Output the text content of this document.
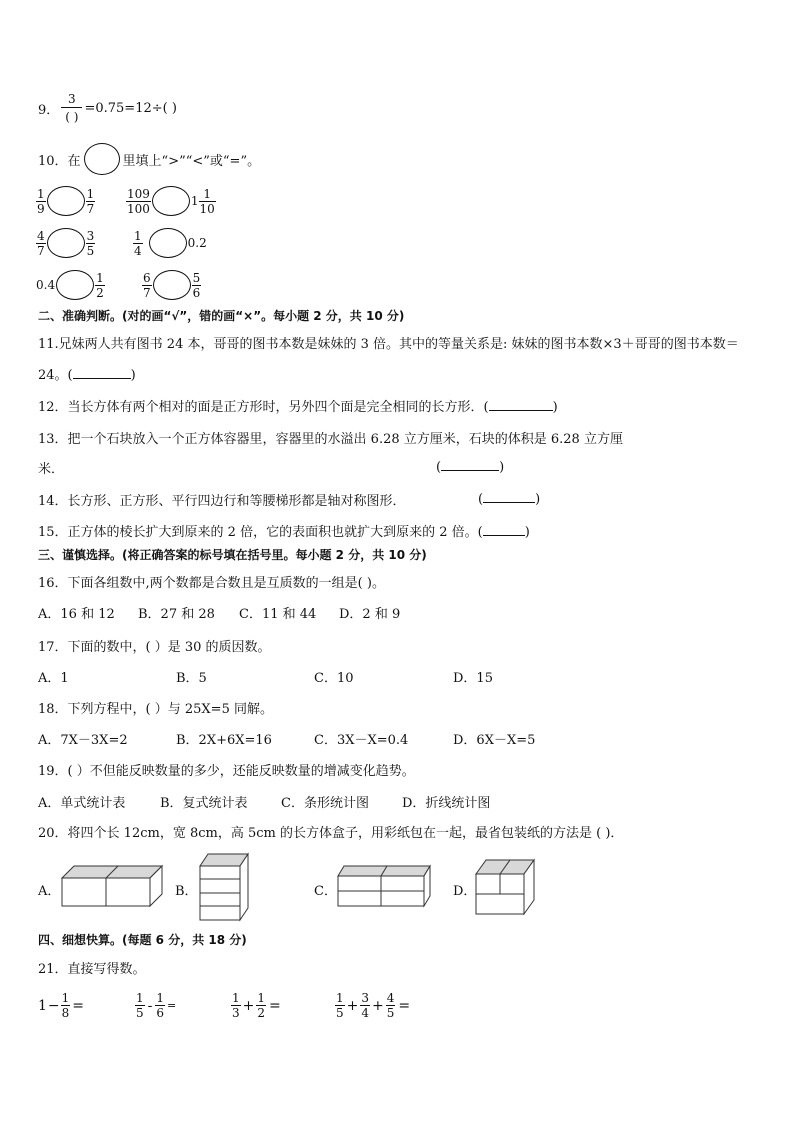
9． $\frac{3}{( )} =0.75=12\div$( )
10．在	里填上“>”“<”或“=”。
$\frac{1}{9}$	$\frac{1}{7}$	$\frac{109}{100}$	$1 \frac{1}{10}$
$\frac{4}{7}$	$\frac{3}{5}$	$\frac{1}{4}$	0.2
0.4	$\frac{1}{2}$	$\frac{6}{7}$	$\frac{5}{6}$
二、准确判断。(对的画“√”，错的画“×”。每小题 2 分，共 10 分)
11.兄妹两人共有图书 24 本，哥哥的图书本数是妹妹的 3 倍。其中的等量关系是: 妹妹的图书本数×3＋哥哥的图书本数＝
24。(	)
12．当长方体有两个相对的面是正方形时，另外四个面是完全相同的长方形．(	)
13．把一个石块放入一个正方体容器里，容器里的水溢出 6.28 立方厘米，石块的体积是 6.28 立方厘
米．	(	)
14．长方形、正方形、平行四边行和等腰梯形都是轴对称图形．	(	)
15．正方体的棱长扩大到原来的 2 倍，它的表面积也就扩大到原来的 2 倍。(	)
三、谨慎选择。(将正确答案的标号填在括号里。每小题 2 分，共 10 分)
16．下面各组数中,两个数都是合数且是互质数的一组是( )。
A．16 和 12 B．27 和 28 C．11 和 44 D．2 和 9
17．下面的数中，( ）是 30 的质因数。
A．1	B．5	C．10	D．15
18．下列方程中，( ）与 25X=5 同解。
A．7X－3X=2	B．2X+6X=16	C．3X－X=0.4	D．6X－X=5
19．( ）不但能反映数量的多少，还能反映数量的增减变化趋势。
A．单式统计表	B．复式统计表	C．条形统计图	D．折线统计图
20．将四个长 12cm，宽 8cm，高 5cm 的长方体盒子，用彩纸包在一起，最省包装纸的方法是 ( )．
A．	B．	C．	D．
四、细想快算。(每题 6 分，共 18 分)
21．直接写得数。
$1 - \frac{1}{8}$ =	$\frac{1}{5} - \frac{1}{6}$ =	$\frac{1}{3} + \frac{1}{2}$ =	$\frac{1}{5} + \frac{3}{4} + \frac{4}{5}$ =
